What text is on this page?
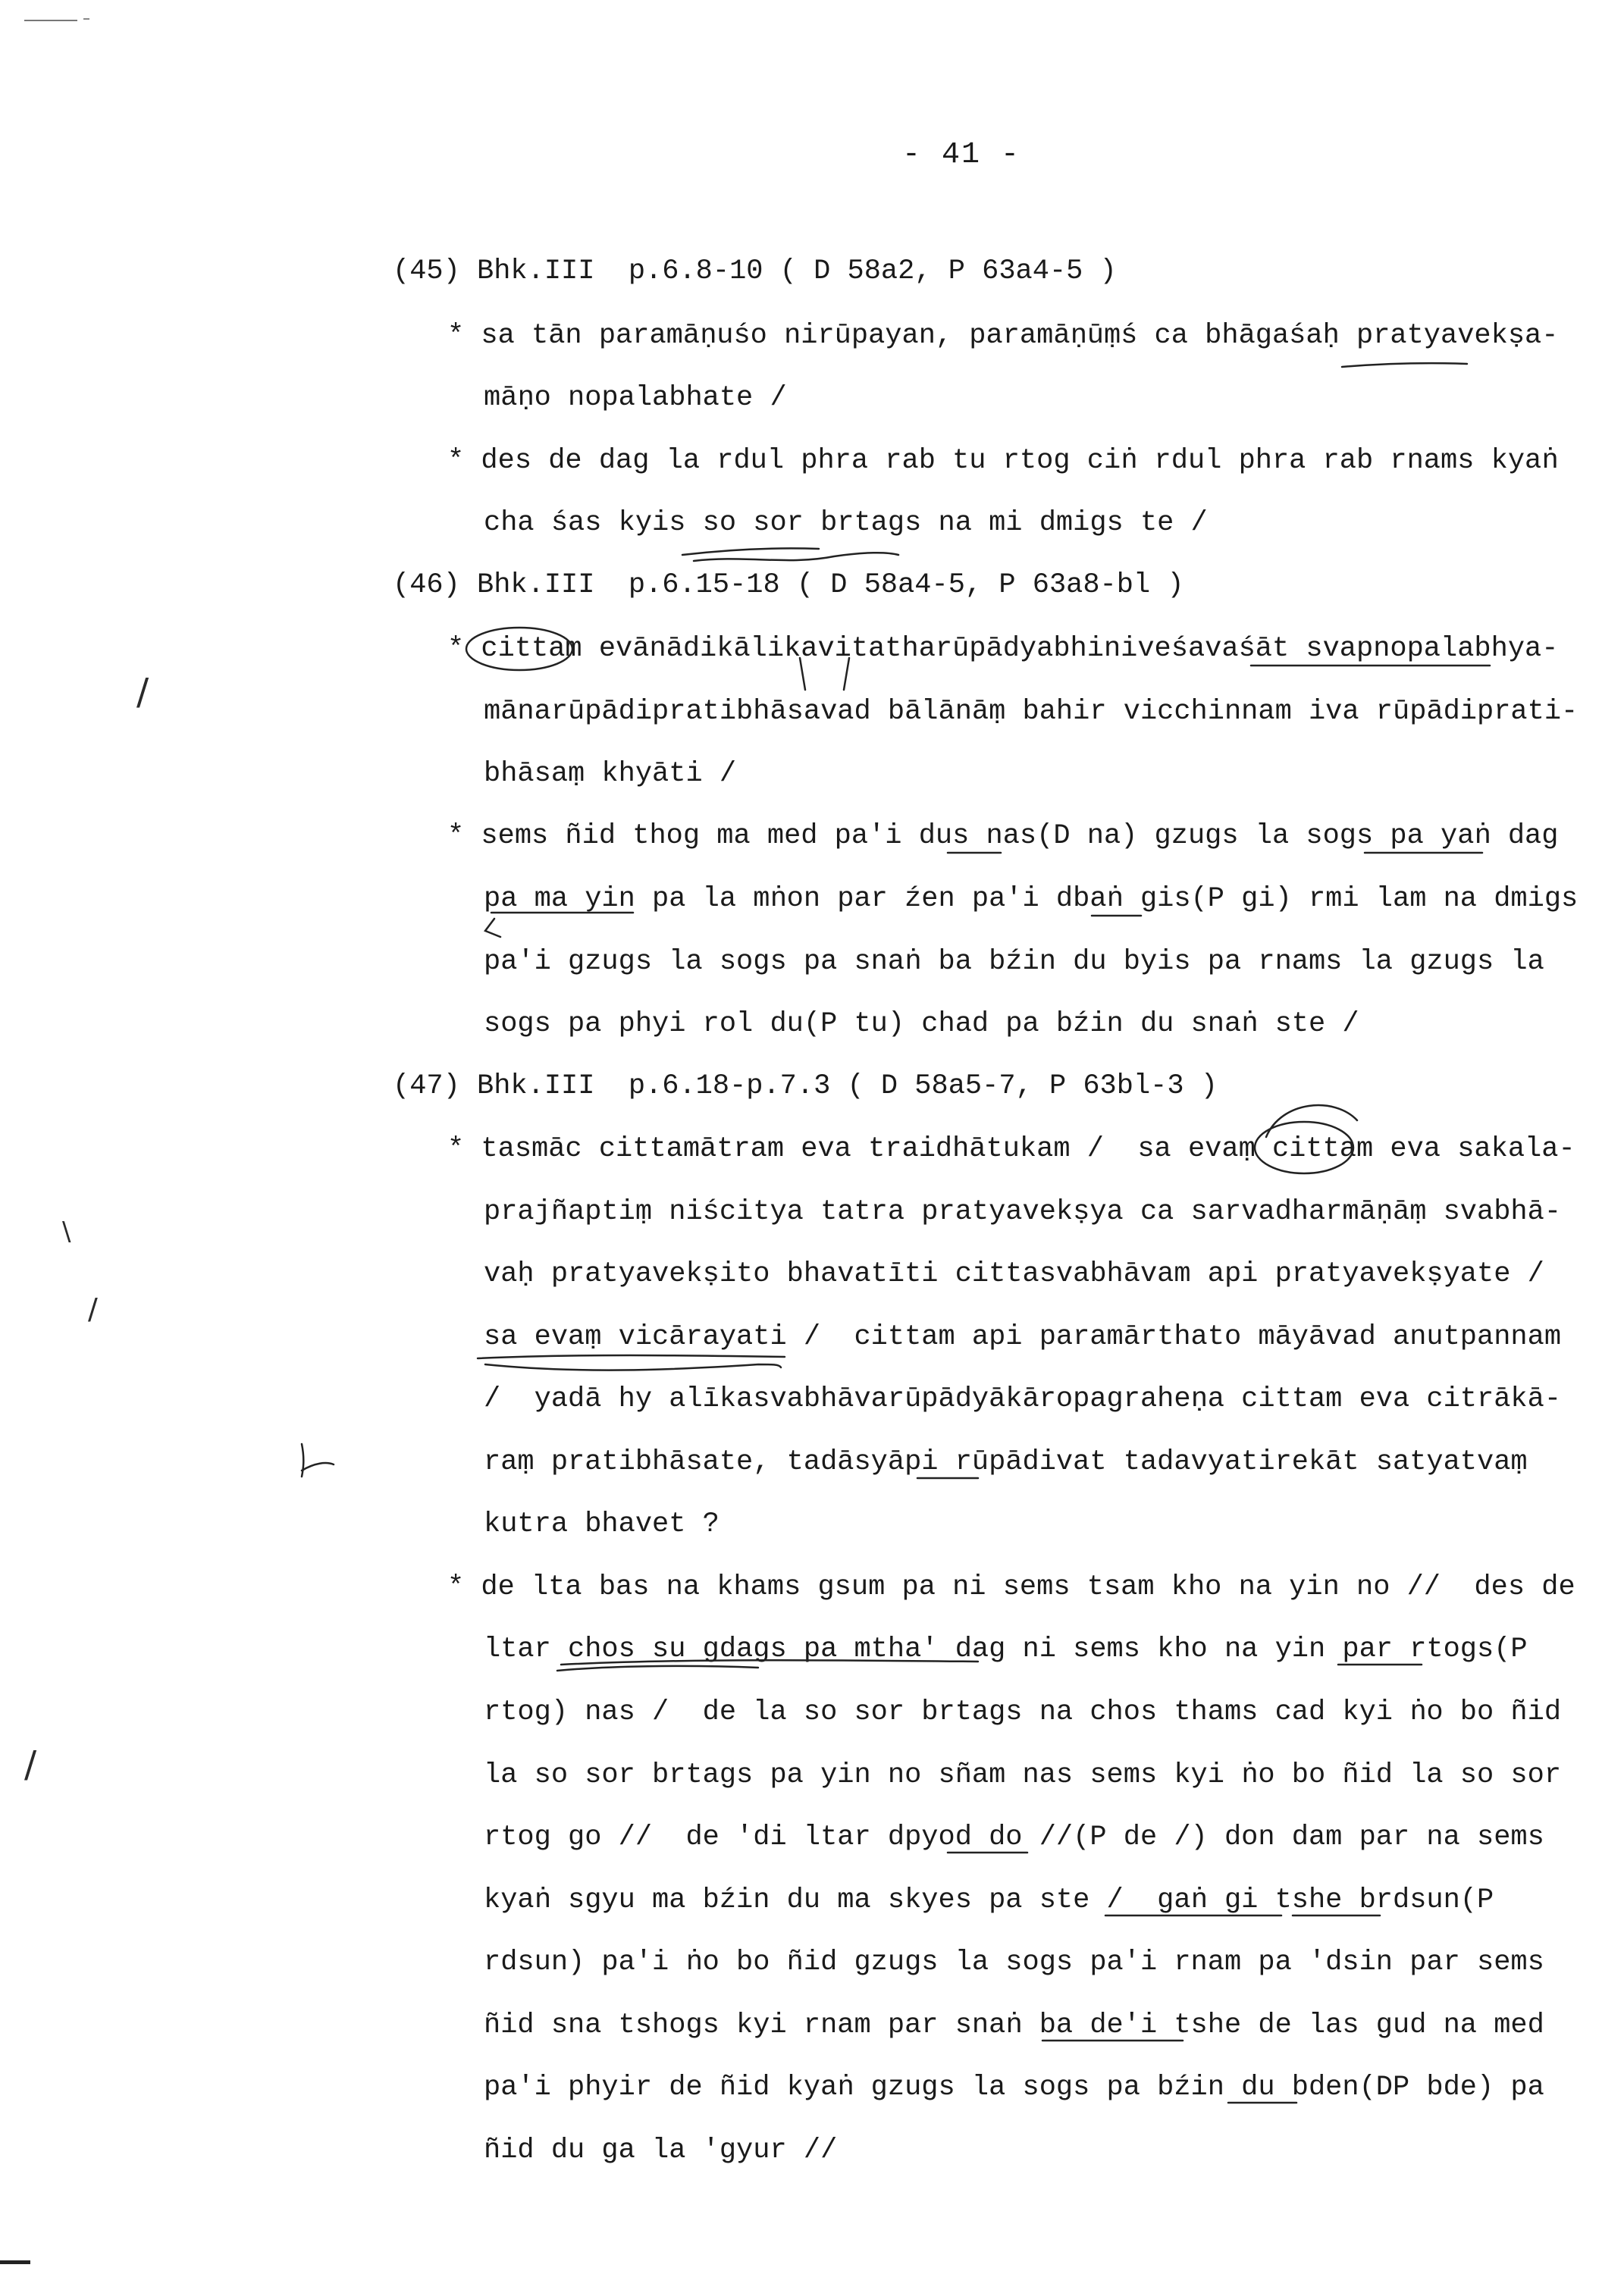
- 41 -
(45) Bhk.III  p.6.8-10 ( D 58a2, P 63a4-5 )
* sa tān paramāṇuśo nirūpayan, paramāṇūṃś ca bhāgaśaḥ pratyavekṣa-
māṇo nopalabhate /
* des de dag la rdul phra rab tu rtog ciṅ rdul phra rab rnams kyaṅ
cha śas kyis so sor brtags na mi dmigs te /
(46) Bhk.III  p.6.15-18 ( D 58a4-5, P 63a8-bl )
* cittam evānādikālikavitatharūpādyabhiniveśavaśāt svapnopalabhya-
mānarūpādipratibhāsavad bālānāṃ bahir vicchinnam iva rūpādiprati-
bhāsaṃ khyāti /
* sems ñid thog ma med pa'i dus nas(D na) gzugs la sogs pa yaṅ dag
pa ma yin pa la mṅon par źen pa'i dbaṅ gis(P gi) rmi lam na dmigs
pa'i gzugs la sogs pa snaṅ ba bźin du byis pa rnams la gzugs la
sogs pa phyi rol du(P tu) chad pa bźin du snaṅ ste /
(47) Bhk.III  p.6.18-p.7.3 ( D 58a5-7, P 63bl-3 )
* tasmāc cittamātram eva traidhātukam /  sa evaṃ cittam eva sakala-
prajñaptiṃ niścitya tatra pratyavekṣya ca sarvadharmāṇāṃ svabhā-
vaḥ pratyavekṣito bhavatīti cittasvabhāvam api pratyavekṣyate /
sa evaṃ vicārayati /  cittam api paramārthato māyāvad anutpannam
/  yadā hy alīkasvabhāvarūpādyākāropagraheṇa cittam eva citrākā-
raṃ pratibhāsate, tadāsyāpi rūpādivat tadavyatirekāt satyatvaṃ
kutra bhavet ?
* de lta bas na khams gsum pa ni sems tsam kho na yin no //  des de
ltar chos su gdags pa mtha' dag ni sems kho na yin par rtogs(P
rtog) nas /  de la so sor brtags na chos thams cad kyi ṅo bo ñid
la so sor brtags pa yin no sñam nas sems kyi ṅo bo ñid la so sor
rtog go //  de 'di ltar dpyod do //(P de /) don dam par na sems
kyaṅ sgyu ma bźin du ma skyes pa ste /  gaṅ gi tshe brdsun(P
rdsun) pa'i ṅo bo ñid gzugs la sogs pa'i rnam pa 'dsin par sems
ñid sna tshogs kyi rnam par snaṅ ba de'i tshe de las gud na med
pa'i phyir de ñid kyaṅ gzugs la sogs pa bźin du bden(DP bde) pa
ñid du ga la 'gyur //
/
\
/
/
